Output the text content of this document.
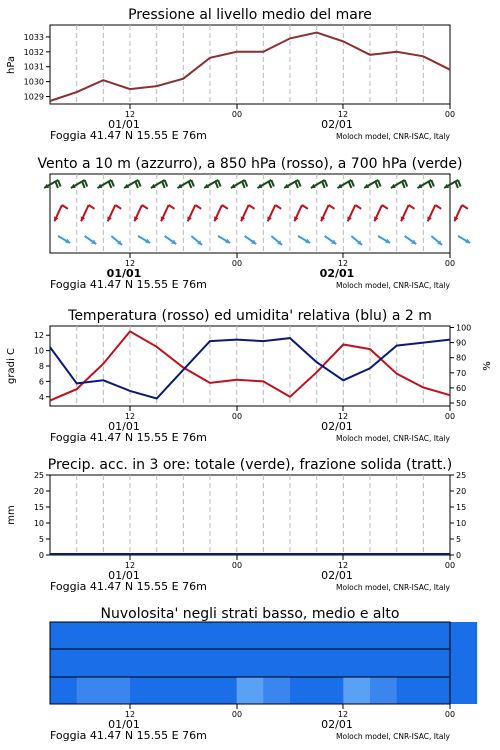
Pressione al livello medio del mare
1029
1030
1031
1032
1033
hPa
12	00	12	00
01/01	02/01
Foggia 41.47 N 15.55 E 76m	Moloch model, CNR-ISAC, Italy
Vento a 10 m (azzurro), a 850 hPa (rosso), a 700 hPa (verde)
12	00	12	00
01/01	02/01
Foggia 41.47 N 15.55 E 76m	Moloch model, CNR-ISAC, Italy
Temperatura (rosso) ed umidita' relativa (blu) a 2 m
4
6
8
10
12
50
60
70
80
90
100
gradi C	%
12	00	12	00
01/01	02/01
Foggia 41.47 N 15.55 E 76m	Moloch model, CNR-ISAC, Italy
Precip. acc. in 3 ore: totale (verde), frazione solida (tratt.)
0
5
10
15
20
25
0
5
10
15
20
25
mm
12	00	12	00
01/01	02/01
Foggia 41.47 N 15.55 E 76m	Moloch model, CNR-ISAC, Italy
Nuvolosita' negli strati basso, medio e alto
12	00	12	00
01/01	02/01
Foggia 41.47 N 15.55 E 76m	Moloch model, CNR-ISAC, Italy
